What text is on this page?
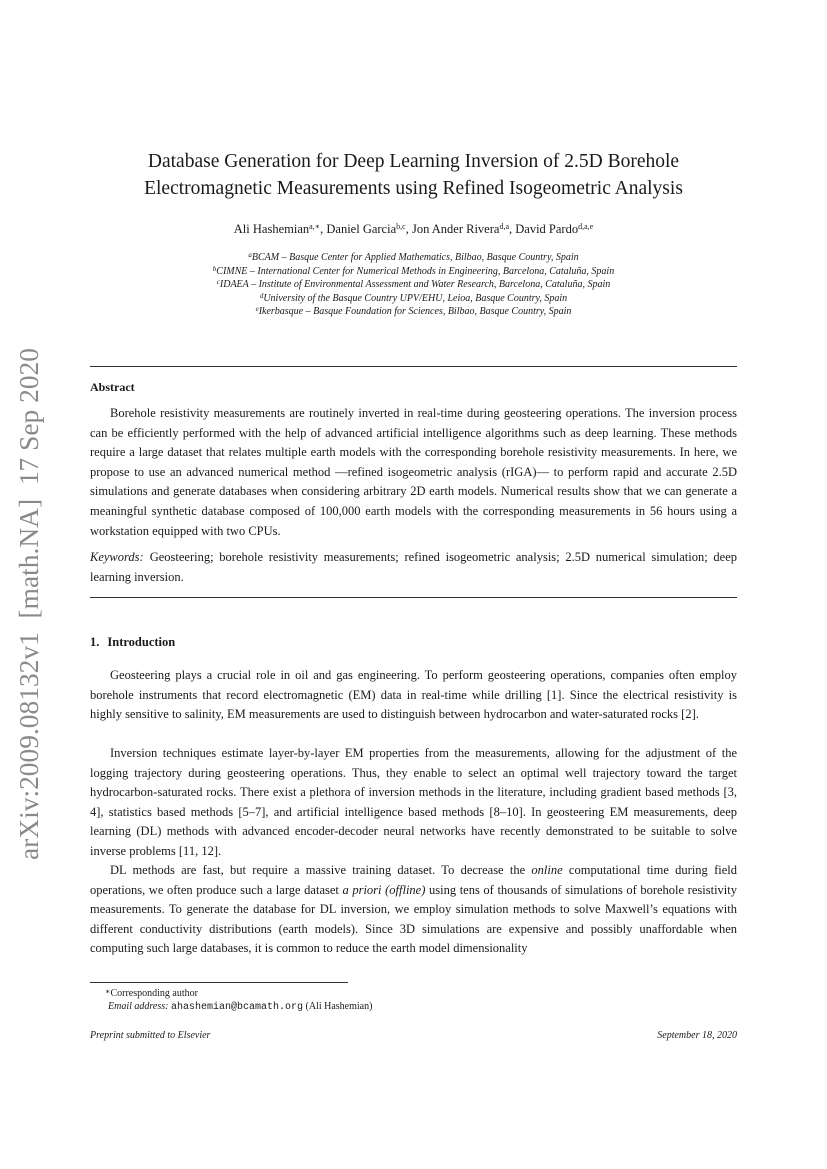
arXiv:2009.08132v1  [math.NA]  17 Sep 2020
Database Generation for Deep Learning Inversion of 2.5D Borehole
Electromagnetic Measurements using Refined Isogeometric Analysis
Ali Hashemian$^{a,∗}$, Daniel Garcia$^{b,c}$, Jon Ander Rivera$^{d,a}$, David Pardo$^{d,a,e}$
$^a$BCAM – Basque Center for Applied Mathematics, Bilbao, Basque Country, Spain
$^b$CIMNE – International Center for Numerical Methods in Engineering, Barcelona, Cataluña, Spain
$^c$IDAEA – Institute of Environmental Assessment and Water Research, Barcelona, Cataluña, Spain
$^d$University of the Basque Country UPV/EHU, Leioa, Basque Country, Spain
$^e$Ikerbasque – Basque Foundation for Sciences, Bilbao, Basque Country, Spain
Abstract

Borehole resistivity measurements are routinely inverted in real-time during geosteering operations. The inversion process can be efficiently performed with the help of advanced artificial intelligence algorithms such as deep learning. These methods require a large dataset that relates multiple earth models with the corresponding borehole resistivity measurements. In here, we propose to use an advanced numerical method —refined isogeometric analysis (rIGA)— to perform rapid and accurate 2.5D simulations and generate databases when considering arbitrary 2D earth models. Numerical results show that we can generate a meaningful synthetic database composed of 100,000 earth models with the corresponding measurements in 56 hours using a workstation equipped with two CPUs.

Keywords: Geosteering; borehole resistivity measurements; refined isogeometric analysis; 2.5D numerical simulation; deep learning inversion.

1. Introduction

Geosteering plays a crucial role in oil and gas engineering. To perform geosteering operations, companies often employ borehole instruments that record electromagnetic (EM) data in real-time while drilling [1]. Since the electrical resistivity is highly sensitive to salinity, EM measurements are used to distinguish between hydrocarbon and water-saturated rocks [2].

Inversion techniques estimate layer-by-layer EM properties from the measurements, allowing for the adjustment of the logging trajectory during geosteering operations. Thus, they enable to select an optimal well trajectory toward the target hydrocarbon-saturated rocks. There exist a plethora of inversion methods in the literature, including gradient based methods [3, 4], statistics based methods [5–7], and artificial intelligence based methods [8–10]. In geosteering EM measurements, deep learning (DL) methods with advanced encoder-decoder neural networks have recently demonstrated to be suitable to solve inverse problems [11, 12].

DL methods are fast, but require a massive training dataset. To decrease the online computational time during field operations, we often produce such a large dataset a priori (offline) using tens of thousands of simulations of borehole resistivity measurements. To generate the database for DL inversion, we employ simulation methods to solve Maxwell’s equations with different conductivity distributions (earth models). Since 3D simulations are expensive and possibly unaffordable when computing such large databases, it is common to reduce the earth model dimensionality

∗Corresponding author
Email address: ahashemian@bcamath.org (Ali Hashemian)
Preprint submitted to Elsevier	September 18, 2020
